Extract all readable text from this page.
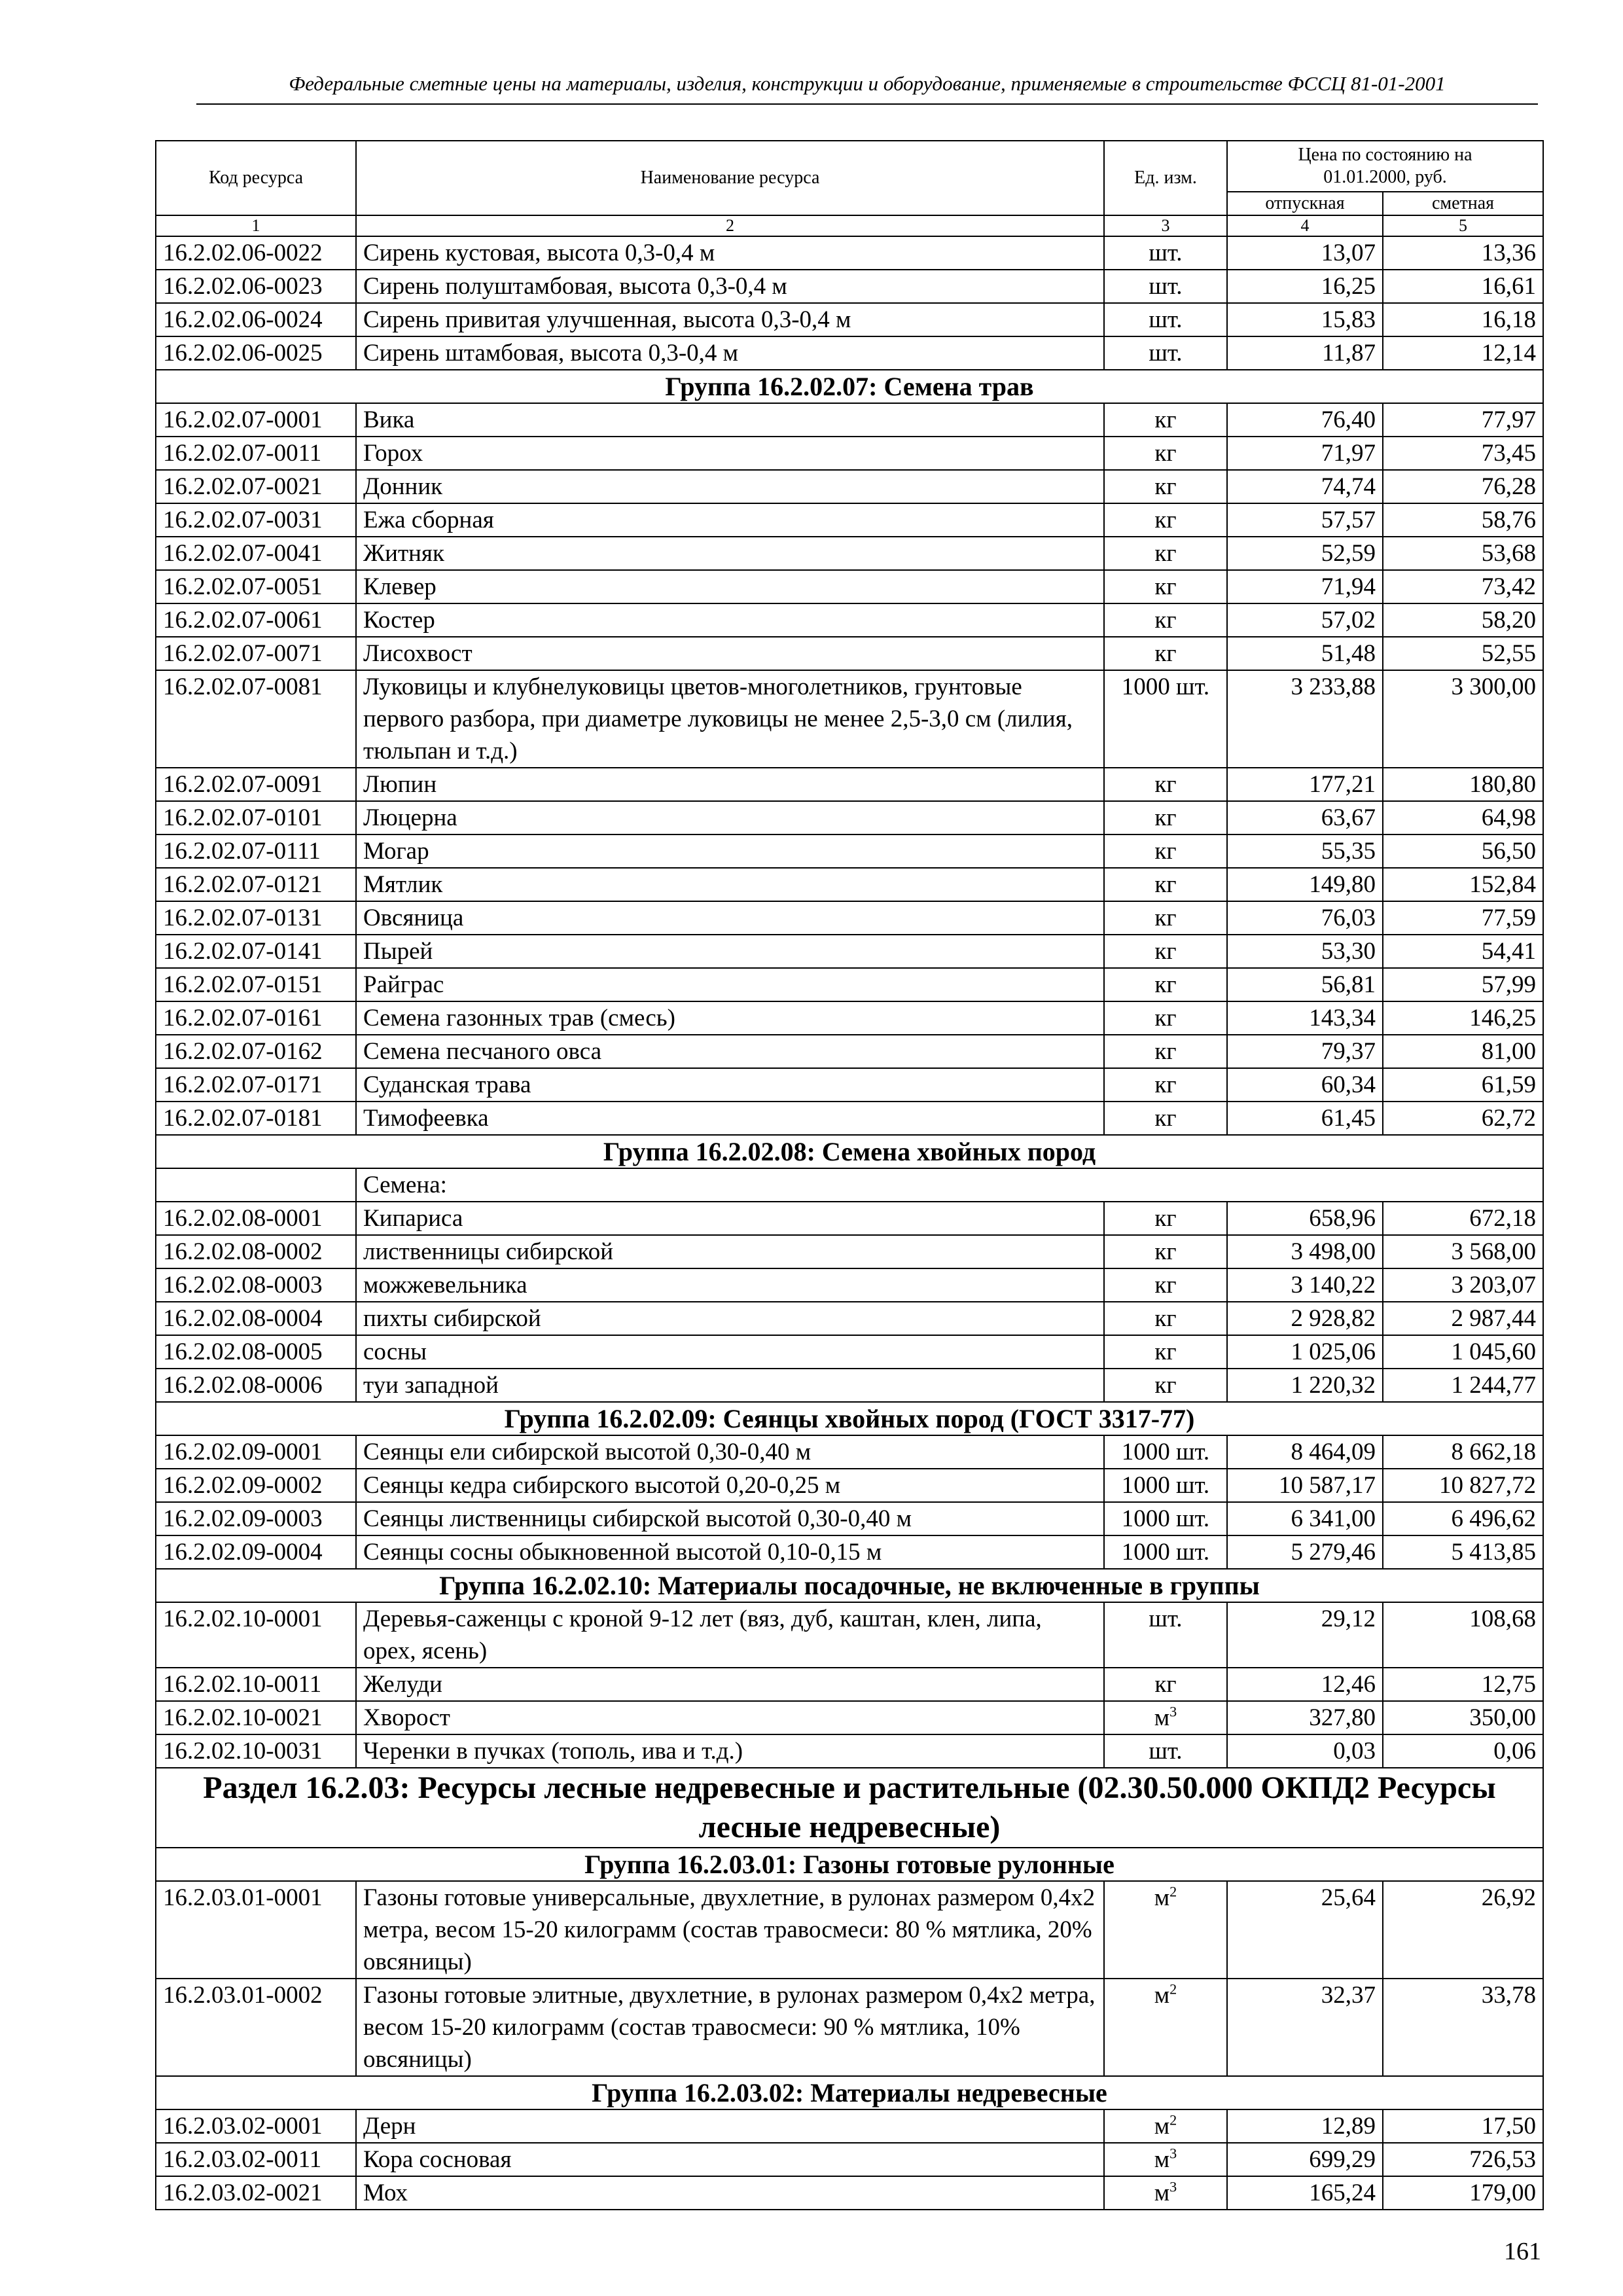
Федеральные сметные цены на материалы, изделия, конструкции и оборудование, применяемые в строительстве ФССЦ 81-01-2001
Код ресурса	Наименование ресурса	Ед. изм.	Цена по состоянию на 01.01.2000, руб.	
			отпускная	сметная
1	2	3	4	5
16.2.02.06-0022	Сирень кустовая, высота 0,3-0,4 м	шт.	13,07	13,36
16.2.02.06-0023	Сирень полуштамбовая, высота 0,3-0,4 м	шт.	16,25	16,61
16.2.02.06-0024	Сирень привитая улучшенная, высота 0,3-0,4 м	шт.	15,83	16,18
16.2.02.06-0025	Сирень штамбовая, высота 0,3-0,4 м	шт.	11,87	12,14
Группа 16.2.02.07: Семена трав				
16.2.02.07-0001	Вика	кг	76,40	77,97
16.2.02.07-0011	Горох	кг	71,97	73,45
16.2.02.07-0021	Донник	кг	74,74	76,28
16.2.02.07-0031	Ежа сборная	кг	57,57	58,76
16.2.02.07-0041	Житняк	кг	52,59	53,68
16.2.02.07-0051	Клевер	кг	71,94	73,42
16.2.02.07-0061	Костер	кг	57,02	58,20
16.2.02.07-0071	Лисохвост	кг	51,48	52,55
16.2.02.07-0081	Луковицы и клубнелуковицы цветов-многолетников, грунтовые первого разбора, при диаметре луковицы не менее 2,5-3,0 см (лилия, тюльпан и т.д.)	1000 шт.	3 233,88	3 300,00
16.2.02.07-0091	Люпин	кг	177,21	180,80
16.2.02.07-0101	Люцерна	кг	63,67	64,98
16.2.02.07-0111	Могар	кг	55,35	56,50
16.2.02.07-0121	Мятлик	кг	149,80	152,84
16.2.02.07-0131	Овсяница	кг	76,03	77,59
16.2.02.07-0141	Пырей	кг	53,30	54,41
16.2.02.07-0151	Райграс	кг	56,81	57,99
16.2.02.07-0161	Семена газонных трав (смесь)	кг	143,34	146,25
16.2.02.07-0162	Семена песчаного овса	кг	79,37	81,00
16.2.02.07-0171	Суданская трава	кг	60,34	61,59
16.2.02.07-0181	Тимофеевка	кг	61,45	62,72
Группа 16.2.02.08: Семена хвойных пород				
	Семена:			
16.2.02.08-0001	Кипариса	кг	658,96	672,18
16.2.02.08-0002	лиственницы сибирской	кг	3 498,00	3 568,00
16.2.02.08-0003	можжевельника	кг	3 140,22	3 203,07
16.2.02.08-0004	пихты сибирской	кг	2 928,82	2 987,44
16.2.02.08-0005	сосны	кг	1 025,06	1 045,60
16.2.02.08-0006	туи западной	кг	1 220,32	1 244,77
Группа 16.2.02.09: Сеянцы хвойных пород (ГОСТ 3317-77)				
16.2.02.09-0001	Сеянцы ели сибирской высотой 0,30-0,40 м	1000 шт.	8 464,09	8 662,18
16.2.02.09-0002	Сеянцы кедра сибирского высотой 0,20-0,25 м	1000 шт.	10 587,17	10 827,72
16.2.02.09-0003	Сеянцы лиственницы сибирской высотой 0,30-0,40 м	1000 шт.	6 341,00	6 496,62
16.2.02.09-0004	Сеянцы сосны обыкновенной высотой 0,10-0,15 м	1000 шт.	5 279,46	5 413,85
Группа 16.2.02.10: Материалы посадочные, не включенные в группы				
16.2.02.10-0001	Деревья-саженцы с кроной 9-12 лет (вяз, дуб, каштан, клен, липа, орех, ясень)	шт.	29,12	108,68
16.2.02.10-0011	Желуди	кг	12,46	12,75
16.2.02.10-0021	Хворост	$м^3$	327,80	350,00
16.2.02.10-0031	Черенки в пучках (тополь, ива и т.д.)	шт.	0,03	0,06
Раздел 16.2.03: Ресурсы лесные недревесные и растительные (02.30.50.000 ОКПД2 Ресурсы лесные недревесные)				
Группа 16.2.03.01: Газоны готовые рулонные				
16.2.03.01-0001	Газоны готовые универсальные, двухлетние, в рулонах размером 0,4х2 метра, весом 15-20 килограмм (состав травосмеси: 80 % мятлика, 20% овсяницы)	$м^2$	25,64	26,92
16.2.03.01-0002	Газоны готовые элитные, двухлетние, в рулонах размером 0,4х2 метра, весом 15-20 килограмм (состав травосмеси: 90 % мятлика, 10% овсяницы)	$м^2$	32,37	33,78
Группа 16.2.03.02: Материалы недревесные				
16.2.03.02-0001	Дерн	$м^2$	12,89	17,50
16.2.03.02-0011	Кора сосновая	$м^3$	699,29	726,53
16.2.03.02-0021	Мох	$м^3$	165,24	179,00
161
